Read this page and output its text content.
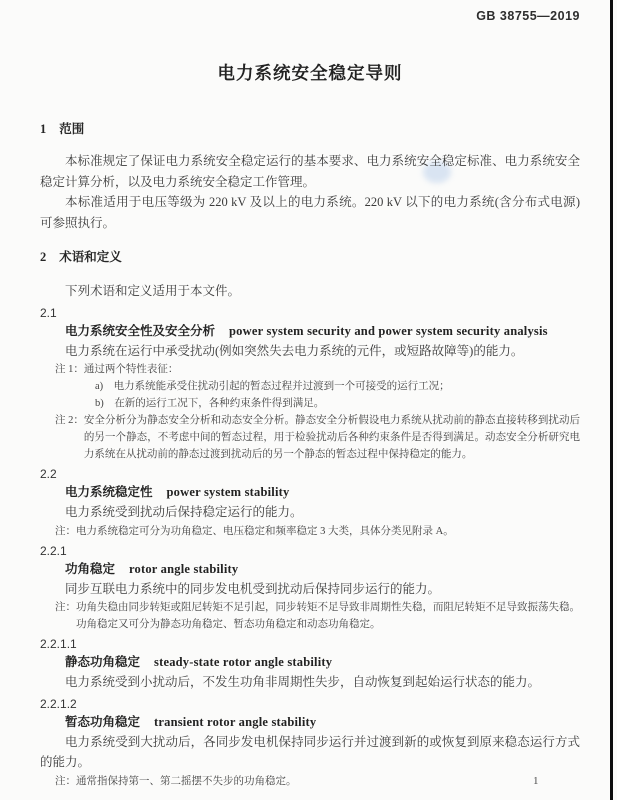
GB 38755—2019
电力系统安全稳定导则
1 范围

本标准规定了保证电力系统安全稳定运行的基本要求、电力系统安全稳定标准、电力系统安全稳定计算分析，以及电力系统安全稳定工作管理。

本标准适用于电压等级为 220 kV 及以上的电力系统。220 kV 以下的电力系统(含分布式电源)可参照执行。

2 术语和定义

下列术语和定义适用于本文件。

2.1

电力系统安全性及安全分析 power system security and power system security analysis

电力系统在运行中承受扰动(例如突然失去电力系统的元件，或短路故障等)的能力。

注 1： 通过两个特性表征：

a)　电力系统能承受住扰动引起的暂态过程并过渡到一个可接受的运行工况；

b)　在新的运行工况下，各种约束条件得到满足。

注 2： 安全分析分为静态安全分析和动态安全分析。静态安全分析假设电力系统从扰动前的静态直接转移到扰动后的另一个静态，不考虑中间的暂态过程，用于检验扰动后各种约束条件是否得到满足。动态安全分析研究电力系统在从扰动前的静态过渡到扰动后的另一个静态的暂态过程中保持稳定的能力。

2.2

电力系统稳定性 power system stability

电力系统受到扰动后保持稳定运行的能力。

注： 电力系统稳定可分为功角稳定、电压稳定和频率稳定 3 大类，具体分类见附录 A。

2.2.1

功角稳定 rotor angle stability

同步互联电力系统中的同步发电机受到扰动后保持同步运行的能力。

注： 功角失稳由同步转矩或阻尼转矩不足引起，同步转矩不足导致非周期性失稳，而阻尼转矩不足导致振荡失稳。功角稳定又可分为静态功角稳定、暂态功角稳定和动态功角稳定。

2.2.1.1

静态功角稳定 steady-state rotor angle stability

电力系统受到小扰动后，不发生功角非周期性失步，自动恢复到起始运行状态的能力。

2.2.1.2

暂态功角稳定 transient rotor angle stability

电力系统受到大扰动后，各同步发电机保持同步运行并过渡到新的或恢复到原来稳态运行方式的能力。

注： 通常指保持第一、第二摇摆不失步的功角稳定。	1
